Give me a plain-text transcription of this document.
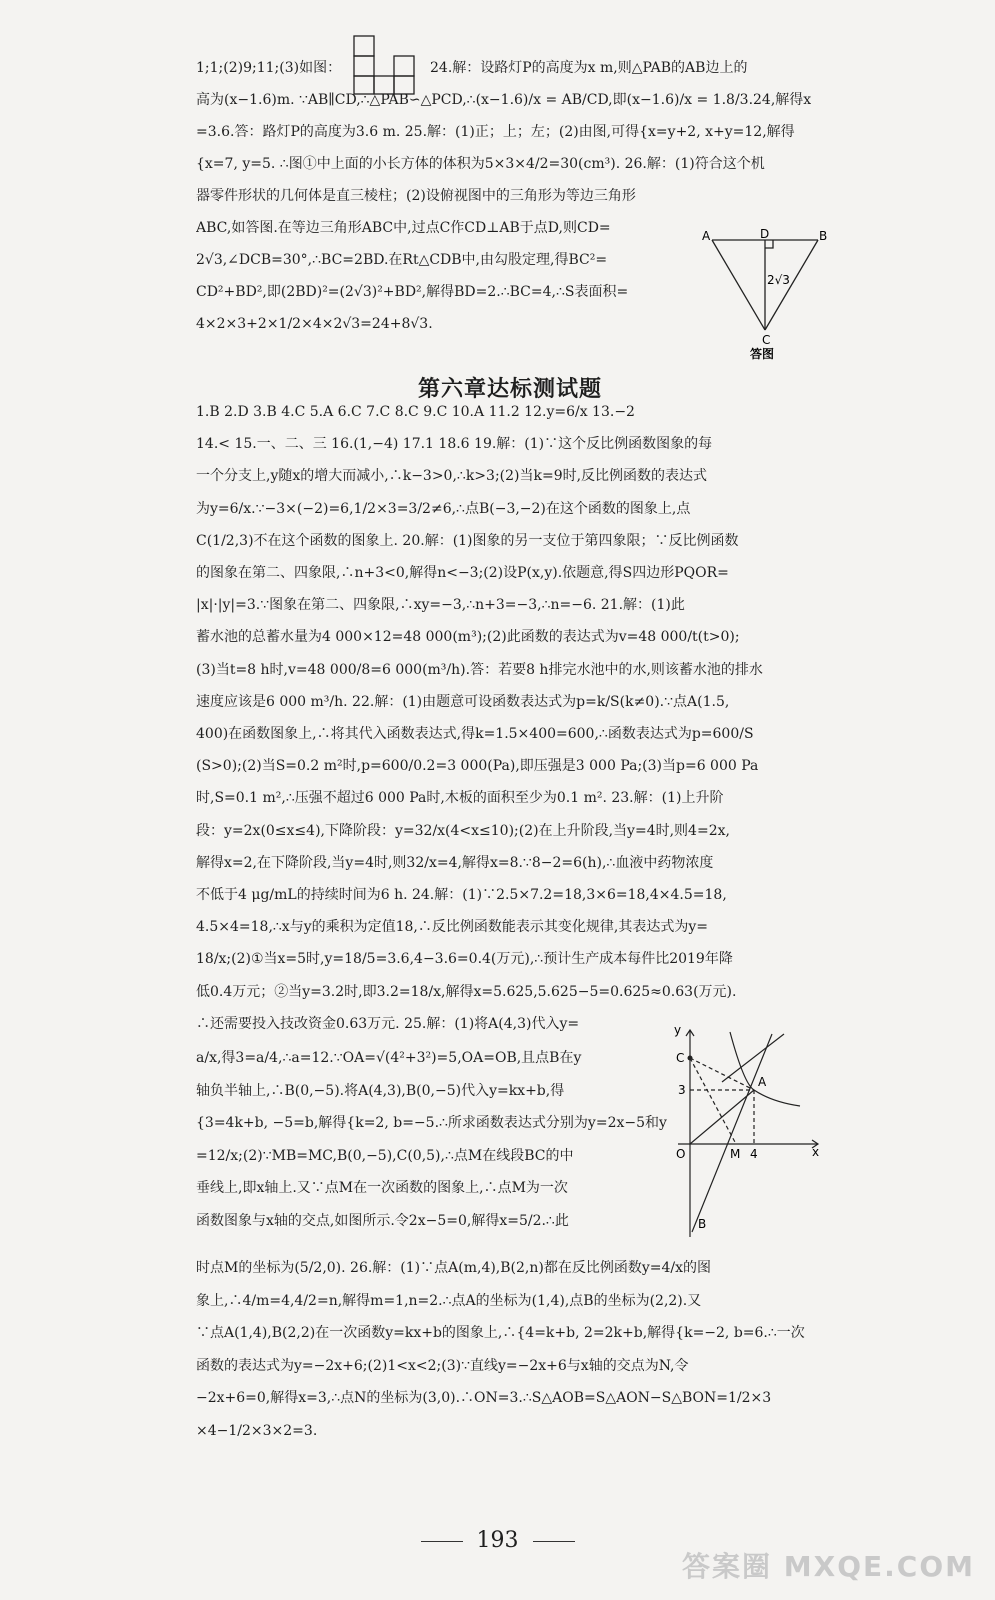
1;1;(2)9;11;(3)如图：	24.解：设路灯P的高度为x m,则△PAB的AB边上的
高为(x−1.6)m. ∵AB∥CD,∴△PAB∽△PCD,∴(x−1.6)/x = AB/CD,即(x−1.6)/x = 1.8/3.24,解得x
=3.6.答：路灯P的高度为3.6 m. 25.解：(1)正；上；左；(2)由图,可得{x=y+2, x+y=12,解得
{x=7, y=5. ∴图①中上面的小长方体的体积为5×3×4/2=30(cm³). 26.解：(1)符合这个机
器零件形状的几何体是直三棱柱；(2)设俯视图中的三角形为等边三角形
ABC,如答图.在等边三角形ABC中,过点C作CD⊥AB于点D,则CD=
2√3,∠DCB=30°,∴BC=2BD.在Rt△CDB中,由勾股定理,得BC²=
CD²+BD²,即(2BD)²=(2√3)²+BD²,解得BD=2.∴BC=4,∴S表面积=
4×2×3+2×1/2×4×2√3=24+8√3.
A	D	B
C
2√3
答图
第六章达标测试题
1.B 2.D 3.B 4.C 5.A 6.C 7.C 8.C 9.C 10.A 11.2 12.y=6/x 13.−2
14.< 15.一、二、三 16.(1,−4) 17.1 18.6 19.解：(1)∵这个反比例函数图象的每
一个分支上,y随x的增大而减小,∴k−3>0,∴k>3;(2)当k=9时,反比例函数的表达式
为y=6/x.∵−3×(−2)=6,1/2×3=3/2≠6,∴点B(−3,−2)在这个函数的图象上,点
C(1/2,3)不在这个函数的图象上. 20.解：(1)图象的另一支位于第四象限；∵反比例函数
的图象在第二、四象限,∴n+3<0,解得n<−3;(2)设P(x,y).依题意,得S四边形PQOR=
|x|·|y|=3.∵图象在第二、四象限,∴xy=−3,∴n+3=−3,∴n=−6. 21.解：(1)此
蓄水池的总蓄水量为4 000×12=48 000(m³);(2)此函数的表达式为v=48 000/t(t>0);
(3)当t=8 h时,v=48 000/8=6 000(m³/h).答：若要8 h排完水池中的水,则该蓄水池的排水
速度应该是6 000 m³/h. 22.解：(1)由题意可设函数表达式为p=k/S(k≠0).∵点A(1.5,
400)在函数图象上,∴将其代入函数表达式,得k=1.5×400=600,∴函数表达式为p=600/S
(S>0);(2)当S=0.2 m²时,p=600/0.2=3 000(Pa),即压强是3 000 Pa;(3)当p=6 000 Pa
时,S=0.1 m²,∴压强不超过6 000 Pa时,木板的面积至少为0.1 m². 23.解：(1)上升阶
段：y=2x(0≤x≤4),下降阶段：y=32/x(4<x≤10);(2)在上升阶段,当y=4时,则4=2x,
解得x=2,在下降阶段,当y=4时,则32/x=4,解得x=8.∵8−2=6(h),∴血液中药物浓度
不低于4 μg/mL的持续时间为6 h. 24.解：(1)∵2.5×7.2=18,3×6=18,4×4.5=18,
4.5×4=18,∴x与y的乘积为定值18,∴反比例函数能表示其变化规律,其表达式为y=
18/x;(2)①当x=5时,y=18/5=3.6,4−3.6=0.4(万元),∴预计生产成本每件比2019年降
低0.4万元；②当y=3.2时,即3.2=18/x,解得x=5.625,5.625−5=0.625≈0.63(万元).
∴还需要投入技改资金0.63万元. 25.解：(1)将A(4,3)代入y=
a/x,得3=a/4,∴a=12.∵OA=√(4²+3²)=5,OA=OB,且点B在y
轴负半轴上,∴B(0,−5).将A(4,3),B(0,−5)代入y=kx+b,得
{3=4k+b, −5=b,解得{k=2, b=−5.∴所求函数表达式分别为y=2x−5和y
=12/x;(2)∵MB=MC,B(0,−5),C(0,5),∴点M在线段BC的中
垂线上,即x轴上.又∵点M在一次函数的图象上,∴点M为一次
函数图象与x轴的交点,如图所示.令2x−5=0,解得x=5/2.∴此
y
C
3
A
O	M 4	x
B
时点M的坐标为(5/2,0). 26.解：(1)∵点A(m,4),B(2,n)都在反比例函数y=4/x的图
象上,∴4/m=4,4/2=n,解得m=1,n=2.∴点A的坐标为(1,4),点B的坐标为(2,2).又
∵点A(1,4),B(2,2)在一次函数y=kx+b的图象上,∴{4=k+b, 2=2k+b,解得{k=−2, b=6.∴一次
函数的表达式为y=−2x+6;(2)1<x<2;(3)∵直线y=−2x+6与x轴的交点为N,令
−2x+6=0,解得x=3,∴点N的坐标为(3,0).∴ON=3.∴S△AOB=S△AON−S△BON=1/2×3
×4−1/2×3×2=3.
193
答案圈 MXQE.COM
